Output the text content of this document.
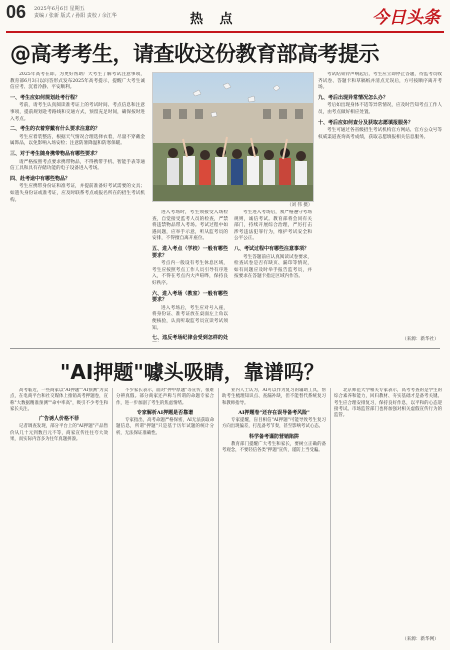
06 2025年6月6日 星期五
责编 / 张新 版式 / 孙阳 责校 / 余江华	热 点	今日头条
@高考考生，请查收这份教育部高考提示

2025年高考在即。为更好帮助广大考生了解考试注意事项，教育部6月3日以问答形式发布2025年高考提示，提醒广大考生诚信应考、沉着冷静、平安顺利。

一、考生应如何规划赴考行程？

考前，请考生认真阅读准考证上的考试时间、考点信息和注意事项，提前规划赴考路线和交通方式，预留充足时间，确保按时进入考点。

二、考生的衣着穿戴有什么要求注意的？

考生应着装整洁，根据天气情况合理选择衣着，尽量不穿戴金属饰品，以免影响入场安检；注意防暑降温和防寒保暖。

三、对于考生随身携带物品有哪些要求？

请严格按照考点要求携带物品，不得携带手机、智能手表等通信工具和具有存储功能的电子设备进入考场。

四、赴考途中有哪些物品？

考生应携带身份证和准考证，并提前准备好考试需要的文具；如遗失身份证或准考证，应及时联系考点或报名所在的招生考试机构。

（刘 伟 摄）

进入考场时，考生须接受入场检查，自觉接受监考人员的检查，严禁将违禁物品带入考场。考试过程中如遇问题，应举手示意，听从监考员的安排，不得擅自离开座位。

五、进入考点（学校）一般有哪些要求？

考点内一般设有考生休息区域，考生应按照考点工作人员引导有序进入，不得在考点内大声喧哗，保持良好秩序。

六、进入考场（教室）一般有哪些要求？

进入考场后，考生应对号入座，将身份证、准考证放在桌面左上角以便核验，认真听取监考员宣读考试须知。

七、违反考场纪律会受到怎样的处

考生进入考场后，须严格遵守考场规则，诚信考试。教育部将会同有关部门，持续开展综合治理，严厉打击涉考违法犯罪行为，维护考试安全和公平公正。

八、考试过程中有哪些注意事项？

考生答题前应认真阅读试卷要求，检查试卷是否有缺页、漏印等情况，如有问题应及时举手报告监考员，并按要求在答题卡指定区域内作答。

考试结束铃声响起后，考生应立即停止答题，待监考员收齐试卷、答题卡和草稿纸并清点无误后，方可按顺序离开考场。

九、考后出现异常情况怎么办？

考后如出现身体不适等异常情况，应及时告知考点工作人员，由考点做好相应处置。

十、考后应如何查分及获取志愿填报服务？

考生可通过各省级招生考试机构官方网站、官方公众号等权威渠道查询高考成绩，获取志愿填报相关信息服务。

（来源：新华社）
"AI押题"噱头吸睛，靠谱吗？

高考临近，一些商家以"AI押题""AI预测"为卖点，在电商平台和社交媒体上推销高考押题卷，宣称"大数据精准预测""命中率高"，吸引不少考生和家长关注。

广告诱人价格不菲

记者调查发现，部分平台上的"AI押题"产品售价从几十元到数百元不等，商家宣传往往夸大效果，而实际内容多为往年真题拼凑。

不少家长表示，面对"押中原题"等宣传，很难分辨真假。部分商家还声称与所谓的命题专家合作，进一步加剧了考生的焦虑情绪。

专家解析AI押题是否靠谱

专家指出，高考命题严格保密，AI无法获取命题信息，所谓"押题"只是基于历年试题的统计分析，无法保证准确性。

业内人士认为，AI可以作为复习的辅助工具，帮助考生梳理知识点、查漏补缺，但不能替代系统复习和教师指导。

AI押题卷"还存在误导备考风险"

专家提醒，盲目相信"AI押题"可能导致考生复习方向出现偏差，打乱备考节奏，甚至影响考试心态。

科学备考谨防营销陷阱

教育部门提醒广大考生和家长，要树立正确的备考观念，不要轻信各类"押题"宣传，谨防上当受骗。

北京师范大学相关专家表示，高考考查的是学生的综合素养和能力，回归教材、夯实基础才是备考关键。考生应合理安排复习，保持良好作息，以平和的心态迎接考试。市场监管部门也将加强对相关虚假宣传行为的监管。

（来源：新华网）
